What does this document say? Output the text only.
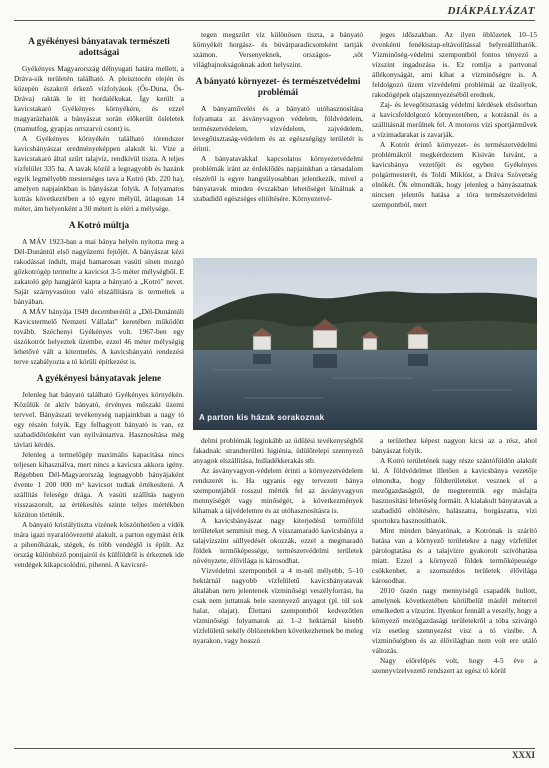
DIÁKPÁLYÁZAT
A gyékényesi bányatavak természeti adottságai

Gyékényes Magyarország délnyugati határa mellett, a Dráva-sík területén található. A pleisztocén elején és közepén északról érkező vízfolyások (Ős-Duna, Ős-Dráva) rakták le itt hordalékukat. Így került a kavicstakaró Gyékényes környékére, és ezzel magyarázhatók a bányászat során előkerült ősleletek (mamutfog, gyapjas orrszarvú csont) is.

A Gyékényes környékén található tórendszer kavicsbányászat eredményeképpen alakult ki. Vize a kavicstakaró által szűrt talajvíz, rendkívül tiszta. A teljes vízfelület 335 ha. A tavak közül a legnagyobb és hazánk egyik legmélyebb mesterséges tava a Kotró (kb. 220 ha), amelyen napjainkban is bányászat folyik. A folyamatos kotrás következtében a tó egyre mélyül, átlagosan 14 méter, ám helyenként a 30 métert is eléri a mélysége.

A Kotró múltja

A MÁV 1923-ban a mai bánya helyén nyitotta meg a Dél-Dunántúl első nagyüzemi fejtőjét. A bányászat kézi rakodással indult, majd hamarosan vasúti sínen mozgó gőzkotrógép termelte a kavicsot 3-5 méter mélységből. E zakatoló gép hangjáról kapta a bányató a „Kotró” nevet. Saját szárnyvasúton való elszállításra is termeltek a bányában.

A MÁV bányája 1949 decemberétől a „Dél-Dunántúli Kavicstermelő Nemzeti Vállalat” keretében működött tovább. Széchenyi Gyékényes volt. 1967-ben egy úszókotrót helyeztek üzembe, ezzel 46 méter mélységig lehetővé vált a kitermelés. A kavicsbányató rendezési terve szabályozta a tó körüli építkezést is.

A gyékényesi bányatavak jelene

Jelenleg hat bányató található Gyékényes környékén. Közülük öt aktív bányató, érvényes műszaki üzemi tervvel. Bányászati tevékenység napjainkban a nagy tó egy részén folyik. Egy felhagyott bányató is van, ez szabadidőtónként van nyilvántartva. Hasznosítása még távlati kérdés.

Jelenleg a termelőgép maximális kapacitása nincs teljesen kihasználva, mert nincs a kavicsra akkora igény. Régebben Dél-Magyarország legnagyobb bányájaként évente 1 200 000 m³ kavicsot tudtak értékesíteni. A szállítás felesége drága. A vasúti szállítás nagyon visszaszorult, az értékesítés szinte teljes mértékben közúton történik.

A bányató kristálytiszta vizének köszönhetően a vidék mára igazi nyaralóövezetté alakult, a parton egymást érik a pihenőházak, stégek, és több vendéglő is épült. Az ország különböző pontjairól és külföldről is érkeznek ide vendégek kikapcsolódni, pihenni. A kavicsré-

tegen megszűrt víz különösen tiszta, a bányató környékét horgász- és búvárparadicsomként tartják számon. Versenyeknek, országos- ,sőt világbajnokságoknak adott helyszínt.

A bányató környezet- és természetvédelmi problémái

A bányaművelés és a bányató utóhasznosítása folyamata az ásványvagyon védelem, földvédelem, természetvédelem, vízvédelem, zajvédelem, levegőtisztaság-védelem és az egészségügy területét is érinti.

A bányatavakkal kapcsolatos környezetvédelmi problémák iránt az érdeklődés napjainkban a társadalom részéről is egyre hangsúlyosabban jelentkezik, mivel a bányatavak minden évszakban lehetőséget kínálnak a szabadidő egészséges eltöltésére. Környezetvé-

jeges időszakban. Az ilyen öblözetek 10–15 évenkénti fenékiszap-eltávolítással helyreállíthatók. Vízminőség-védelmi szempontból fontos tényező a vízszint ingadozása is. Ez romlja a partvonal állékonyságát, ami kihat a vízminőségre is. A feldolgozó üzem vízvédelmi problémái az üzaliyok, rakodógépek olajszennyezéséből erednek.

Zaj- és levegőtisztaság védelmi kérdések elsősorban a kavicsfeldolgozó környezetében, a kotrásnál és a szállításnál merülnek fel. A motoros vízi sportjárművek a vízimadarakat is zavarják.

A Kotrót érintő környezet- és természetvédelmi problémákról megkérdeztem Kisiván Istvánt, a kavicsbánya vezetőjét és egyben Gyékényes polgármesterét, és Toldi Miklóst, a Dráva Szövetség elnökét. Ők elmondták, hogy jelenleg a bányászatnak nincsen jelentős hatása a tóra természetvédelmi szempontból, mert

A parton kis házak sorakoznak

delmi problémák leginkább az üdülési tevékenységből fakadnak: strandterületi higiénia, üdülőtelepi szennyező anyagok elszállítása, hulladékkerakás stb.

Az ásványvagyon-védelem érinti a környezetvédelem rendszerét is. Ha ugyanis egy tervezett bánya szempontjából rosszul mérték fel az ásványvagyon mennyiségét vagy minőségét, a következmények kihatnak a tájvédelemre és az utóhasznosításra is.

A kavicsbányászat nagy kiterjedésű termőföld területeket semmisít meg. A visszamaradó kavicsbánya a talajvízszint süllyedését okozzák, ezzel a megmaradó földek termőképessége, természetvédelmi területek növényzete, élővilága is károsodhat.

Vízvédelmi szempontból a 4 m-nél mélyebb, 5–10 hektárnál nagyobb vízfelületű kavicsbányatavak általában nem jelentenek vízminőségi veszélyforrást, ha csak nem juttatnak bele szennyező anyagot (pl. túl sok halat, olajat). Élettani szempontból kedvezőtlen vízminőségi folyamatok az 1–2 hektárnál kisebb vízfelületű sekély öblözetekben következhetnek be meleg nyarakon, vagy hosszú

a területhez képest nagyon kicsi az a rész, ahol bányászat folyik.

A Kotró területének nagy része szántóföldön alakult ki. A földvédelmet illetően a kavicsbánya vezetője elmondta, hogy földterületeket vesznek el a mezőgazdaságtól, de megteremtik egy másfajta hasznosítási lehetőség formáit. A kialakult bányatavak a szabadidő eltöltésére, halászatra, horgászatra, vízi sportokra hasznosíthatók.

Mint minden bányatónak, a Kotrónak is szárító hatása van a környező területekre a nagy vízfelület párologtatása és a talajvízre gyakorolt szívóhatása miatt. Ezzel a környező földek termőképessége csökkenhet, a szomszédos területek élővilága károsodhat.

2010 őszén nagy mennyiségű csapadék hullott, amelynek következtében körülbelül másfél méterrel emelkedett a vízszint. Ilyenkor fennáll a veszély, hogy a környező mezőgazdasági területekről a tóba szivárgó víz esetleg szennyezést visz a tó vizébe. A vízminőségben és az élővilágban nem volt ere utáló változás.

Nagy előrelépés volt, hogy 4-5 éve a szennyvízelvezető rendszert az egész tó körül

XXXI
